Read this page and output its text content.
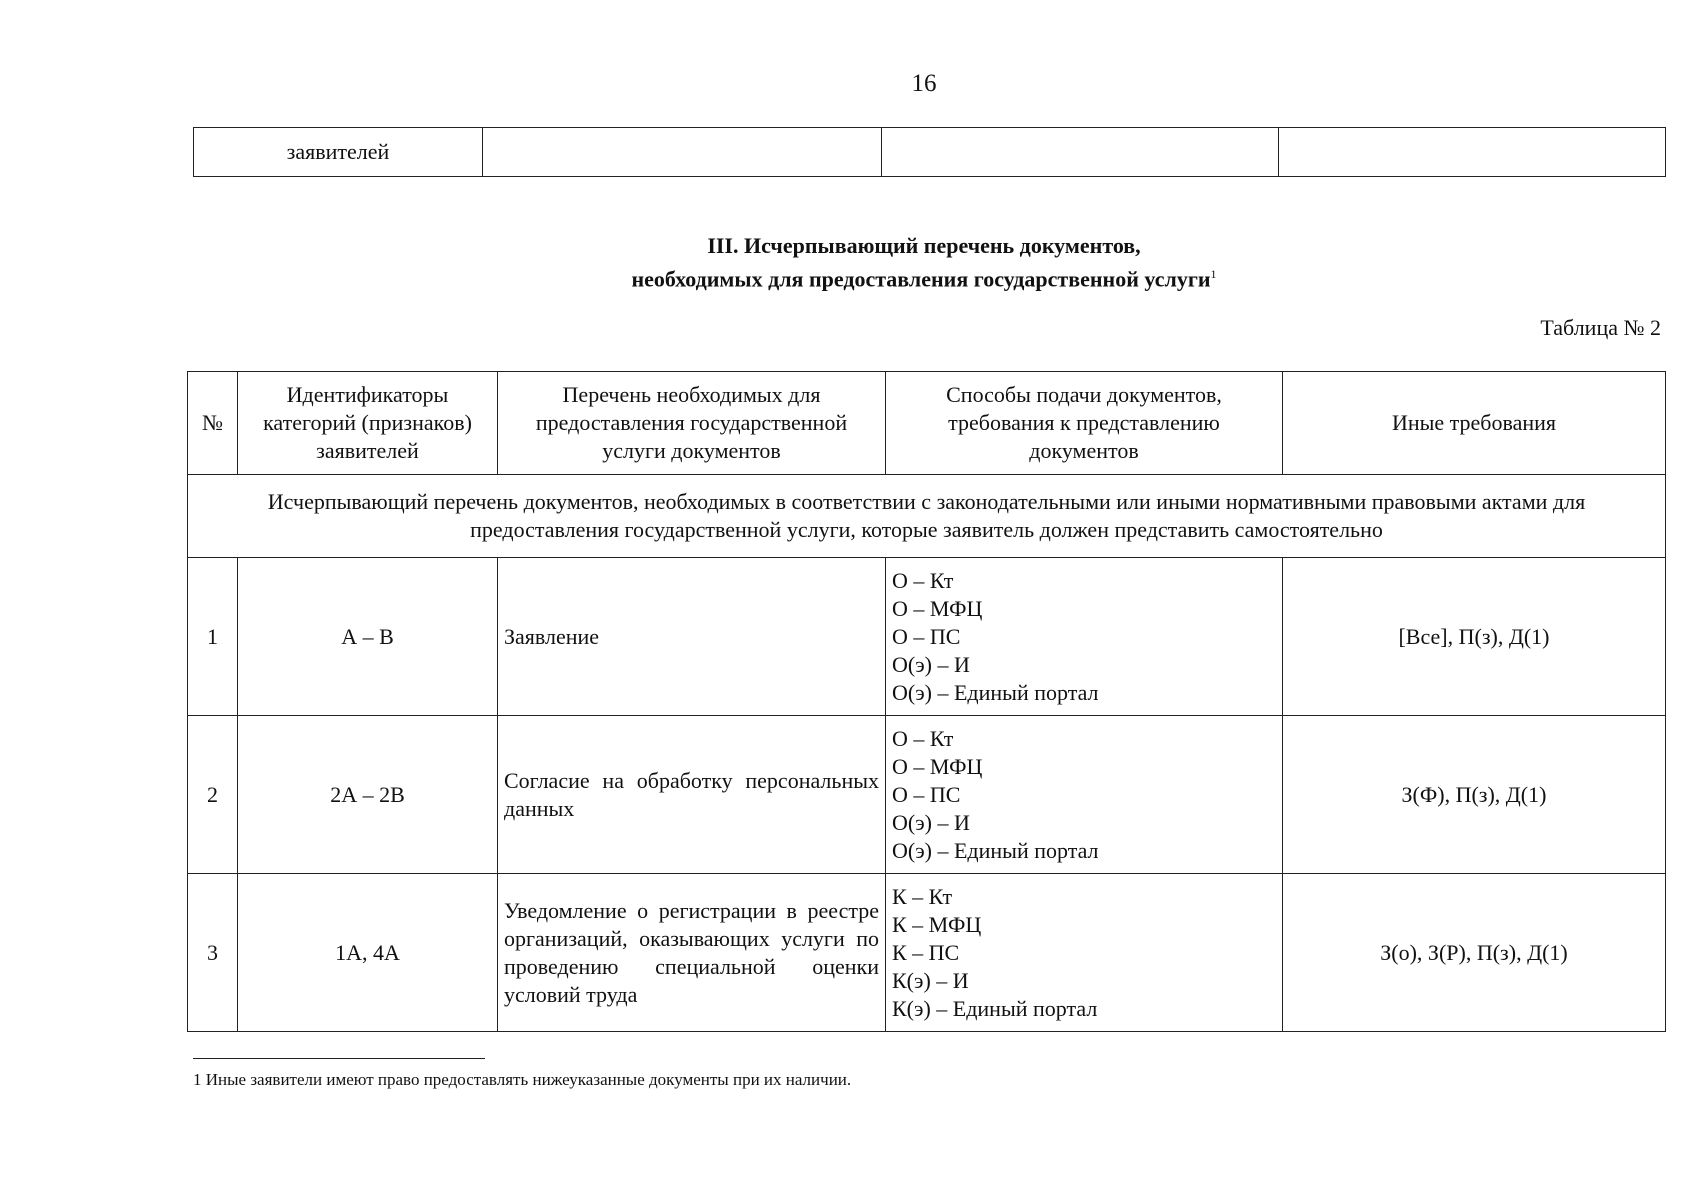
16
заявителей			
III. Исчерпывающий перечень документов,
необходимых для предоставления государственной услуги$^1$
Таблица № 2
№	Идентификаторы категорий (признаков) заявителей	Перечень необходимых для предоставления государственной услуги документов	Способы подачи документов, требования к представлению документов	Иные требования
Исчерпывающий перечень документов, необходимых в соответствии с законодательными или иными нормативными правовыми актами для предоставления государственной услуги, которые заявитель должен представить самостоятельно				
1	А – В	Заявление	О – Кт
О – МФЦ
О – ПС
О(э) – И
О(э) – Единый портал	[Все], П(з), Д(1)
2	2А – 2В	Согласие на обработку персональных данных	О – Кт
О – МФЦ
О – ПС
О(э) – И
О(э) – Единый портал	З(Ф), П(з), Д(1)
3	1А, 4А	Уведомление о регистрации в реестре организаций, оказывающих услуги по проведению специальной оценки условий труда	К – Кт
К – МФЦ
К – ПС
К(э) – И
К(э) – Единый портал	З(о), З(Р), П(з), Д(1)
1 Иные заявители имеют право предоставлять нижеуказанные документы при их наличии.
